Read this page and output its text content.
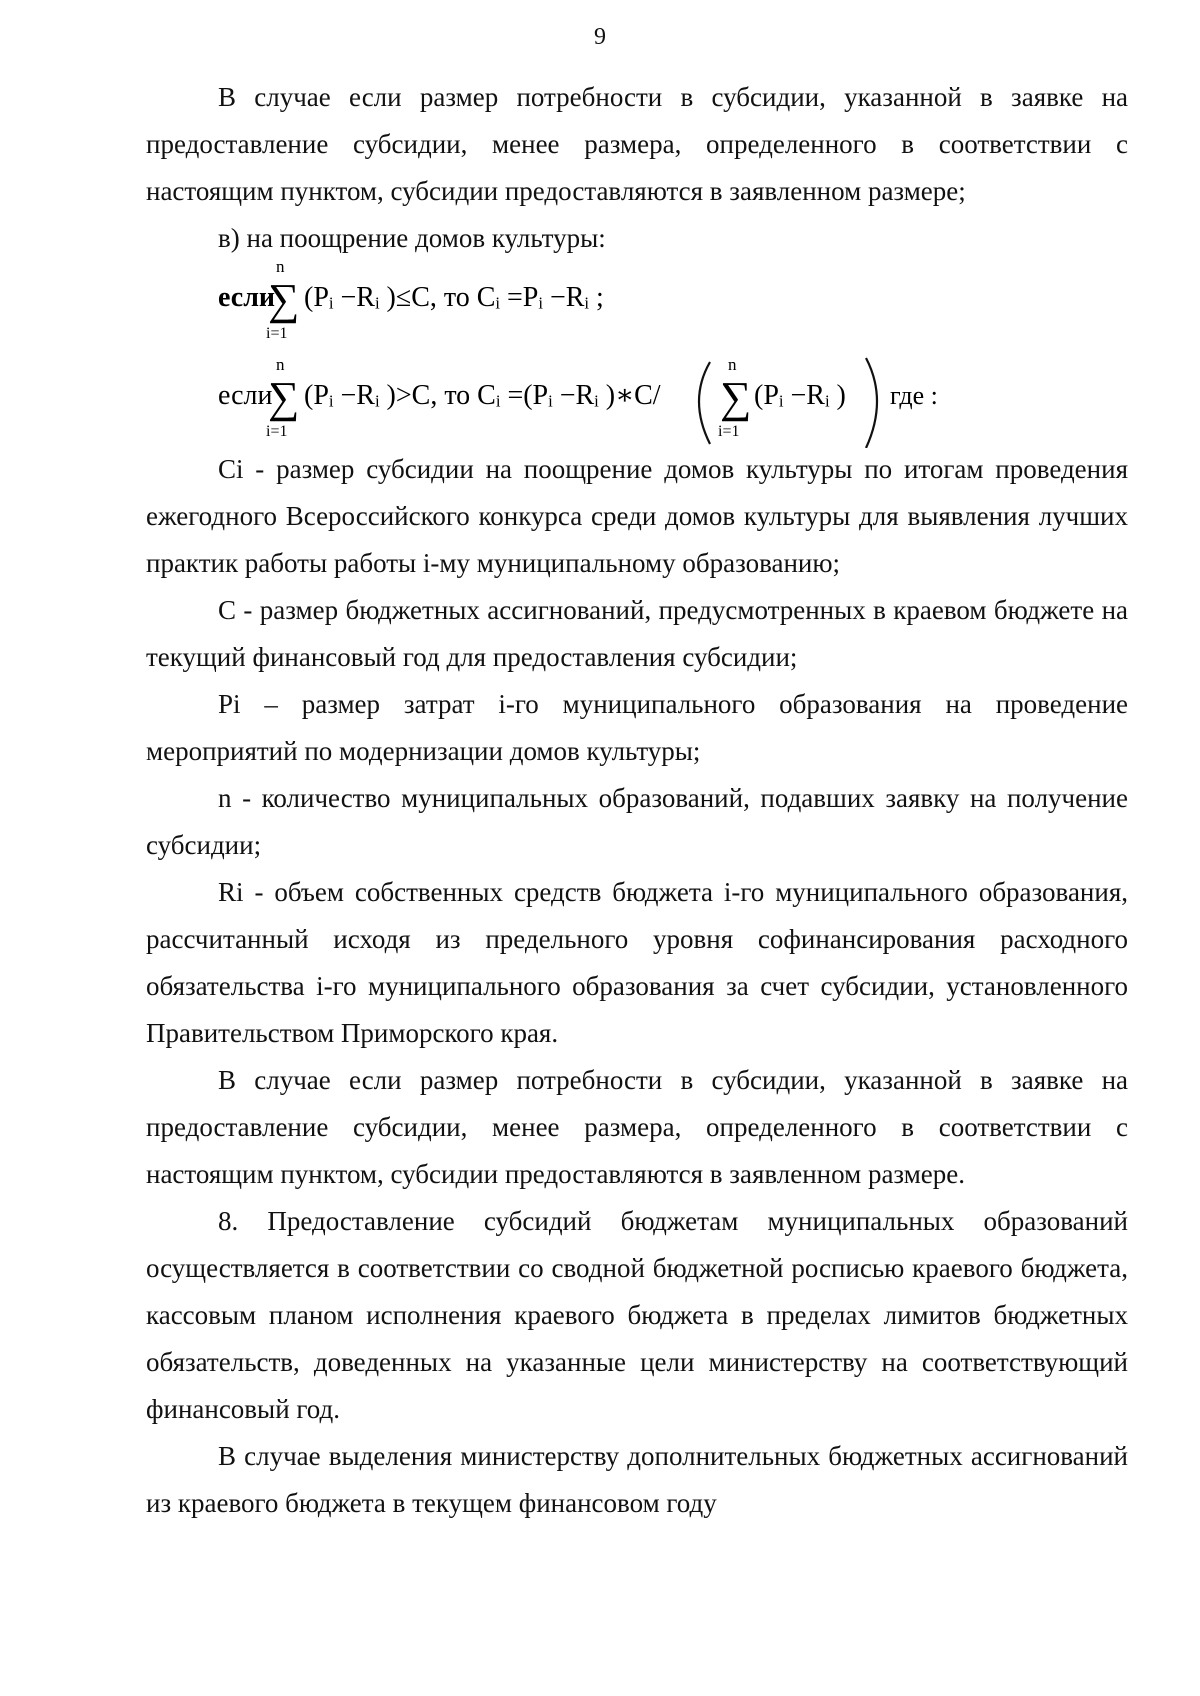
9

В случае если размер потребности в субсидии, указанной в заявке на предоставление субсидии, менее размера, определенного в соответствии с настоящим пунктом, субсидии предоставляются в заявленном размере;

в) на поощрение домов культуры:

если
n
∑
i=1
(Pᵢ −Rᵢ )≤C, то Cᵢ =Pᵢ −Rᵢ ;
если
n
∑
i=1
(Pᵢ −Rᵢ )>C, то Cᵢ =(Pᵢ −Rᵢ )∗C/
n
∑
i=1
(Pᵢ −Rᵢ ) где :

Ci - размер субсидии на поощрение домов культуры по итогам проведения ежегодного Всероссийского конкурса среди домов культуры для выявления лучших практик работы работы i-му муниципальному образованию;

С - размер бюджетных ассигнований, предусмотренных в краевом бюджете на текущий финансовый год для предоставления субсидии;

Pi – размер затрат i-го муниципального образования на проведение мероприятий по модернизации домов культуры;

n - количество муниципальных образований, подавших заявку на получение субсидии;

Ri - объем собственных средств бюджета i-го муниципального образования, рассчитанный исходя из предельного уровня софинансирования расходного обязательства i-го муниципального образования за счет субсидии, установленного Правительством Приморского края.

В случае если размер потребности в субсидии, указанной в заявке на предоставление субсидии, менее размера, определенного в соответствии с настоящим пунктом, субсидии предоставляются в заявленном размере.

8. Предоставление субсидий бюджетам муниципальных образований осуществляется в соответствии со сводной бюджетной росписью краевого бюджета, кассовым планом исполнения краевого бюджета в пределах лимитов бюджетных обязательств, доведенных на указанные цели министерству на соответствующий финансовый год.

В случае выделения министерству дополнительных бюджетных ассигнований из краевого бюджета в текущем финансовом году
